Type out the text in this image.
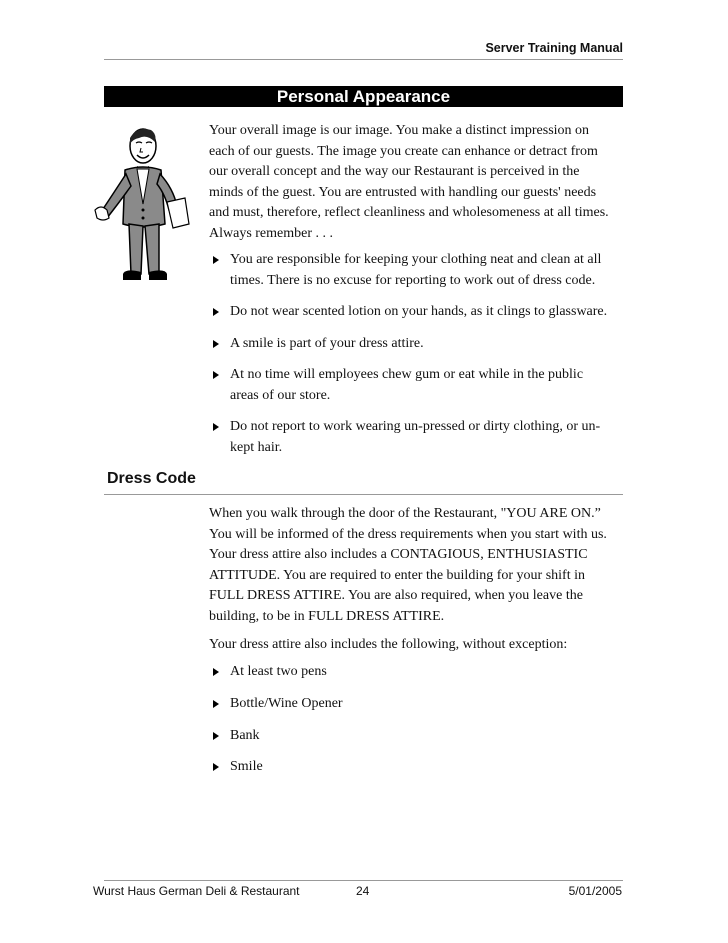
Server Training Manual
Personal Appearance
Your overall image is our image. You make a distinct impression on
each of our guests. The image you create can enhance or detract from
our overall concept and the way our Restaurant is perceived in the
minds of the guest. You are entrusted with handling our guests' needs
and must, therefore, reflect cleanliness and wholesomeness at all times.
Always remember . . .
You are responsible for keeping your clothing neat and clean at all
times. There is no excuse for reporting to work out of dress code.
Do not wear scented lotion on your hands, as it clings to glassware.
A smile is part of your dress attire.
At no time will employees chew gum or eat while in the public
areas of our store.
Do not report to work wearing un-pressed or dirty clothing, or un-
kept hair.
Dress Code
When you walk through the door of the Restaurant, "YOU ARE ON.”
You will be informed of the dress requirements when you start with us.
Your dress attire also includes a CONTAGIOUS, ENTHUSIASTIC
ATTITUDE. You are required to enter the building for your shift in
FULL DRESS ATTIRE. You are also required, when you leave the
building, to be in FULL DRESS ATTIRE.
Your dress attire also includes the following, without exception:
At least two pens
Bottle/Wine Opener
Bank
Smile
Wurst Haus German Deli & Restaurant	24	5/01/2005
